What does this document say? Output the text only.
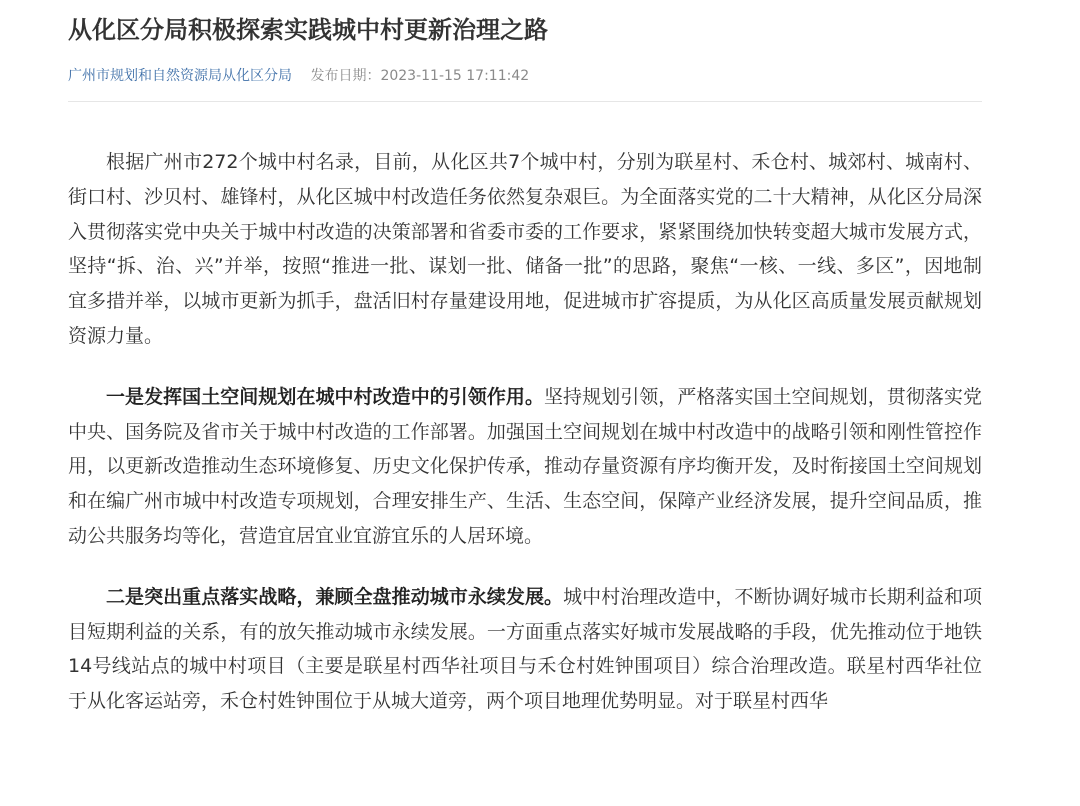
从化区分局积极探索实践城中村更新治理之路
广州市规划和自然资源局从化区分局 发布日期：2023-11-15 17:11:42

根据广州市272个城中村名录，目前，从化区共7个城中村，分别为联星村、禾仓村、城郊村、城南村、街口村、沙贝村、雄锋村，从化区城中村改造任务依然复杂艰巨。为全面落实党的二十大精神，从化区分局深入贯彻落实党中央关于城中村改造的决策部署和省委市委的工作要求，紧紧围绕加快转变超大城市发展方式，坚持“拆、治、兴”并举，按照“推进一批、谋划一批、储备一批”的思路，聚焦“一核、一线、多区”，因地制宜多措并举，以城市更新为抓手，盘活旧村存量建设用地，促进城市扩容提质，为从化区高质量发展贡献规划资源力量。

一是发挥国土空间规划在城中村改造中的引领作用。坚持规划引领，严格落实国土空间规划，贯彻落实党中央、国务院及省市关于城中村改造的工作部署。加强国土空间规划在城中村改造中的战略引领和刚性管控作用，以更新改造推动生态环境修复、历史文化保护传承，推动存量资源有序均衡开发，及时衔接国土空间规划和在编广州市城中村改造专项规划，合理安排生产、生活、生态空间，保障产业经济发展，提升空间品质，推动公共服务均等化，营造宜居宜业宜游宜乐的人居环境。

二是突出重点落实战略，兼顾全盘推动城市永续发展。城中村治理改造中，不断协调好城市长期利益和项目短期利益的关系，有的放矢推动城市永续发展。一方面重点落实好城市发展战略的手段，优先推动位于地铁14号线站点的城中村项目（主要是联星村西华社项目与禾仓村姓钟围项目）综合治理改造。联星村西华社位于从化客运站旁，禾仓村姓钟围位于从城大道旁，两个项目地理优势明显。对于联星村西华
